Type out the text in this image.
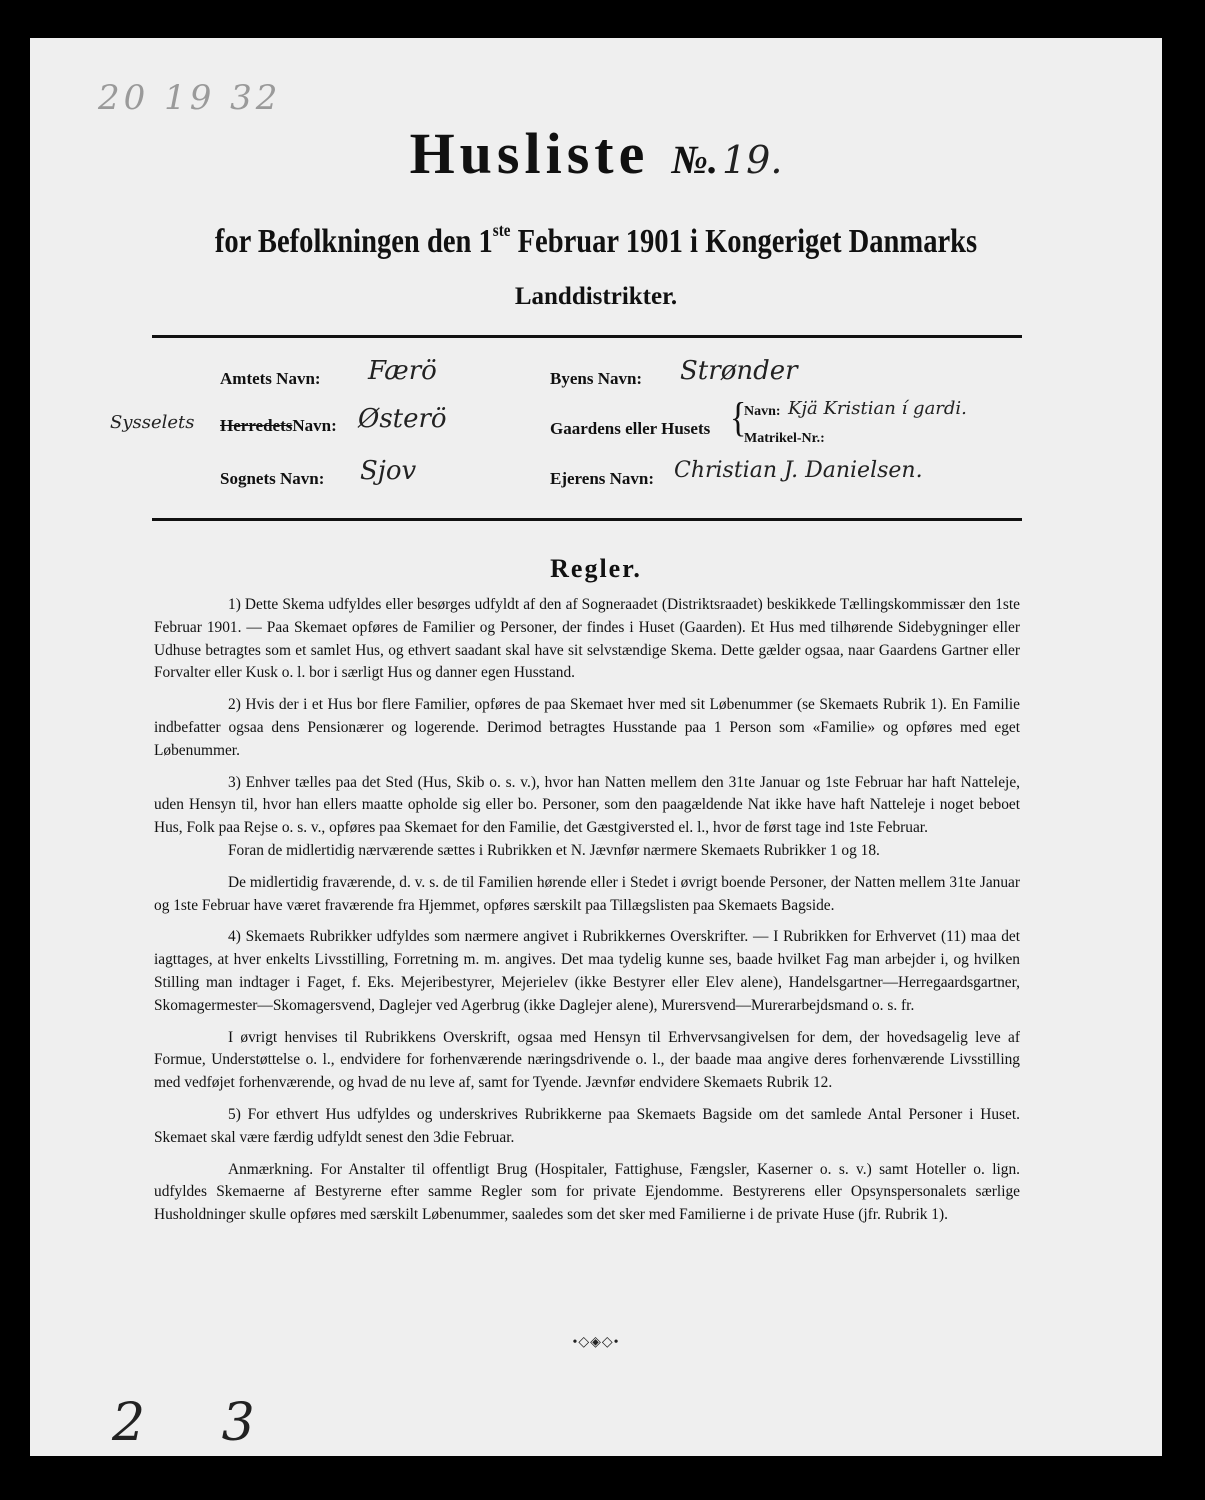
20 19 32
Husliste №. 19.
for Befolkningen den 1ste Februar 1901 i Kongeriget Danmarks
Landdistrikter.
Amtets Navn: Færö
Sysselets HerredetsNavn: Østerö
Sognets Navn: Sjov
Byens Navn: Strønder
Gaardens eller Husets {
Navn: Kjä Kristian í gardi.
Matrikel-Nr.:
Ejerens Navn: Christian J. Danielsen.
Regler.

1) Dette Skema udfyldes eller besørges udfyldt af den af Sogneraadet (Distriktsraadet) beskikkede Tællingskommissær den 1ste Februar 1901. — Paa Skemaet opføres de Familier og Personer, der findes i Huset (Gaarden). Et Hus med tilhørende Sidebygninger eller Udhuse betragtes som et samlet Hus, og ethvert saadant skal have sit selvstændige Skema. Dette gælder ogsaa, naar Gaardens Gartner eller Forvalter eller Kusk o. l. bor i særligt Hus og danner egen Husstand.

2) Hvis der i et Hus bor flere Familier, opføres de paa Skemaet hver med sit Løbenummer (se Skemaets Rubrik 1). En Familie indbefatter ogsaa dens Pensionærer og logerende. Derimod betragtes Husstande paa 1 Person som «Familie» og opføres med eget Løbenummer.

3) Enhver tælles paa det Sted (Hus, Skib o. s. v.), hvor han Natten mellem den 31te Januar og 1ste Februar har haft Natteleje, uden Hensyn til, hvor han ellers maatte opholde sig eller bo. Personer, som den paagældende Nat ikke have haft Natteleje i noget beboet Hus, Folk paa Rejse o. s. v., opføres paa Skemaet for den Familie, det Gæstgiversted el. l., hvor de først tage ind 1ste Februar.

Foran de midlertidig nærværende sættes i Rubrikken et N. Jævnfør nærmere Skemaets Rubrikker 1 og 18.

De midlertidig fraværende, d. v. s. de til Familien hørende eller i Stedet i øvrigt boende Personer, der Natten mellem 31te Januar og 1ste Februar have været fraværende fra Hjemmet, opføres særskilt paa Tillægslisten paa Skemaets Bagside.

4) Skemaets Rubrikker udfyldes som nærmere angivet i Rubrikkernes Overskrifter. — I Rubrikken for Erhvervet (11) maa det iagttages, at hver enkelts Livsstilling, Forretning m. m. angives. Det maa tydelig kunne ses, baade hvilket Fag man arbejder i, og hvilken Stilling man indtager i Faget, f. Eks. Mejeribestyrer, Mejerielev (ikke Bestyrer eller Elev alene), Handelsgartner—Herregaardsgartner, Skomagermester—Skomagersvend, Daglejer ved Agerbrug (ikke Daglejer alene), Murersvend—Murerarbejdsmand o. s. fr.

I øvrigt henvises til Rubrikkens Overskrift, ogsaa med Hensyn til Erhvervsangivelsen for dem, der hovedsagelig leve af Formue, Understøttelse o. l., endvidere for forhenværende næringsdrivende o. l., der baade maa angive deres forhenværende Livsstilling med vedføjet forhenværende, og hvad de nu leve af, samt for Tyende. Jævnfør endvidere Skemaets Rubrik 12.

5) For ethvert Hus udfyldes og underskrives Rubrikkerne paa Skemaets Bagside om det samlede Antal Personer i Huset. Skemaet skal være færdig udfyldt senest den 3die Februar.

Anmærkning. For Anstalter til offentligt Brug (Hospitaler, Fattighuse, Fængsler, Kaserner o. s. v.) samt Hoteller o. lign. udfyldes Skemaerne af Bestyrerne efter samme Regler som for private Ejendomme. Bestyrerens eller Opsynspersonalets særlige Husholdninger skulle opføres med særskilt Løbenummer, saaledes som det sker med Familierne i de private Huse (jfr. Rubrik 1).

•◇◈◇•
2 3
